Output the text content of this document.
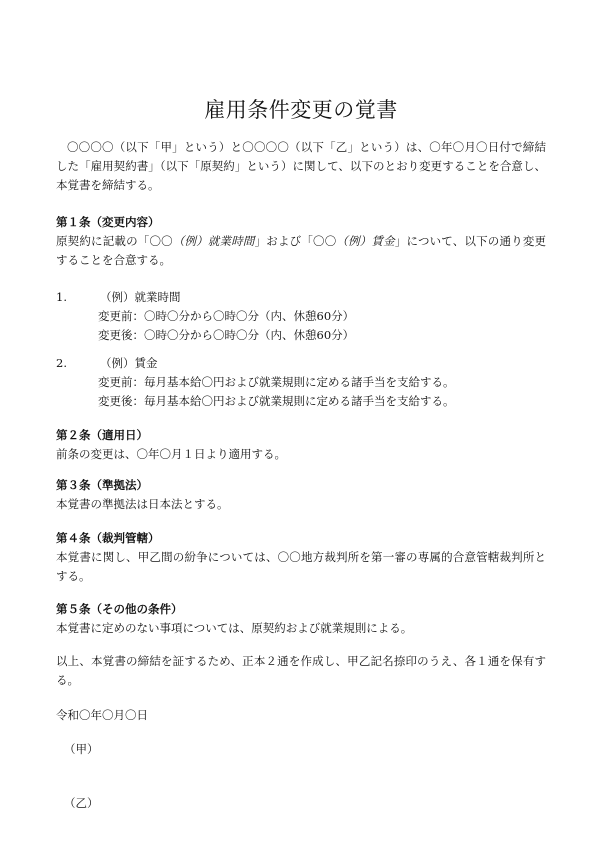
雇用条件変更の覚書

〇〇〇〇（以下「甲」という）と〇〇〇〇（以下「乙」という）は、〇年〇月〇日付で締結した「雇用契約書」（以下「原契約」という）に関して、以下のとおり変更することを合意し、本覚書を締結する。

第１条（変更内容）

原契約に記載の「〇〇（例）就業時間」および「〇〇（例）賃金」について、以下の通り変更することを合意する。

1.	（例）就業時間

変更前：〇時〇分から〇時〇分（内、休憩60分）

変更後：〇時〇分から〇時〇分（内、休憩60分）

2.	（例）賃金

変更前：毎月基本給〇円および就業規則に定める諸手当を支給する。

変更後：毎月基本給〇円および就業規則に定める諸手当を支給する。

第２条（適用日）

前条の変更は、〇年〇月１日より適用する。

第３条（準拠法）

本覚書の準拠法は日本法とする。

第４条（裁判管轄）

本覚書に関し、甲乙間の紛争については、〇〇地方裁判所を第一審の専属的合意管轄裁判所とする。

第５条（その他の条件）

本覚書に定めのない事項については、原契約および就業規則による。

以上、本覚書の締結を証するため、正本２通を作成し、甲乙記名捺印のうえ、各１通を保有する。

令和〇年〇月〇日

（甲）

（乙）
